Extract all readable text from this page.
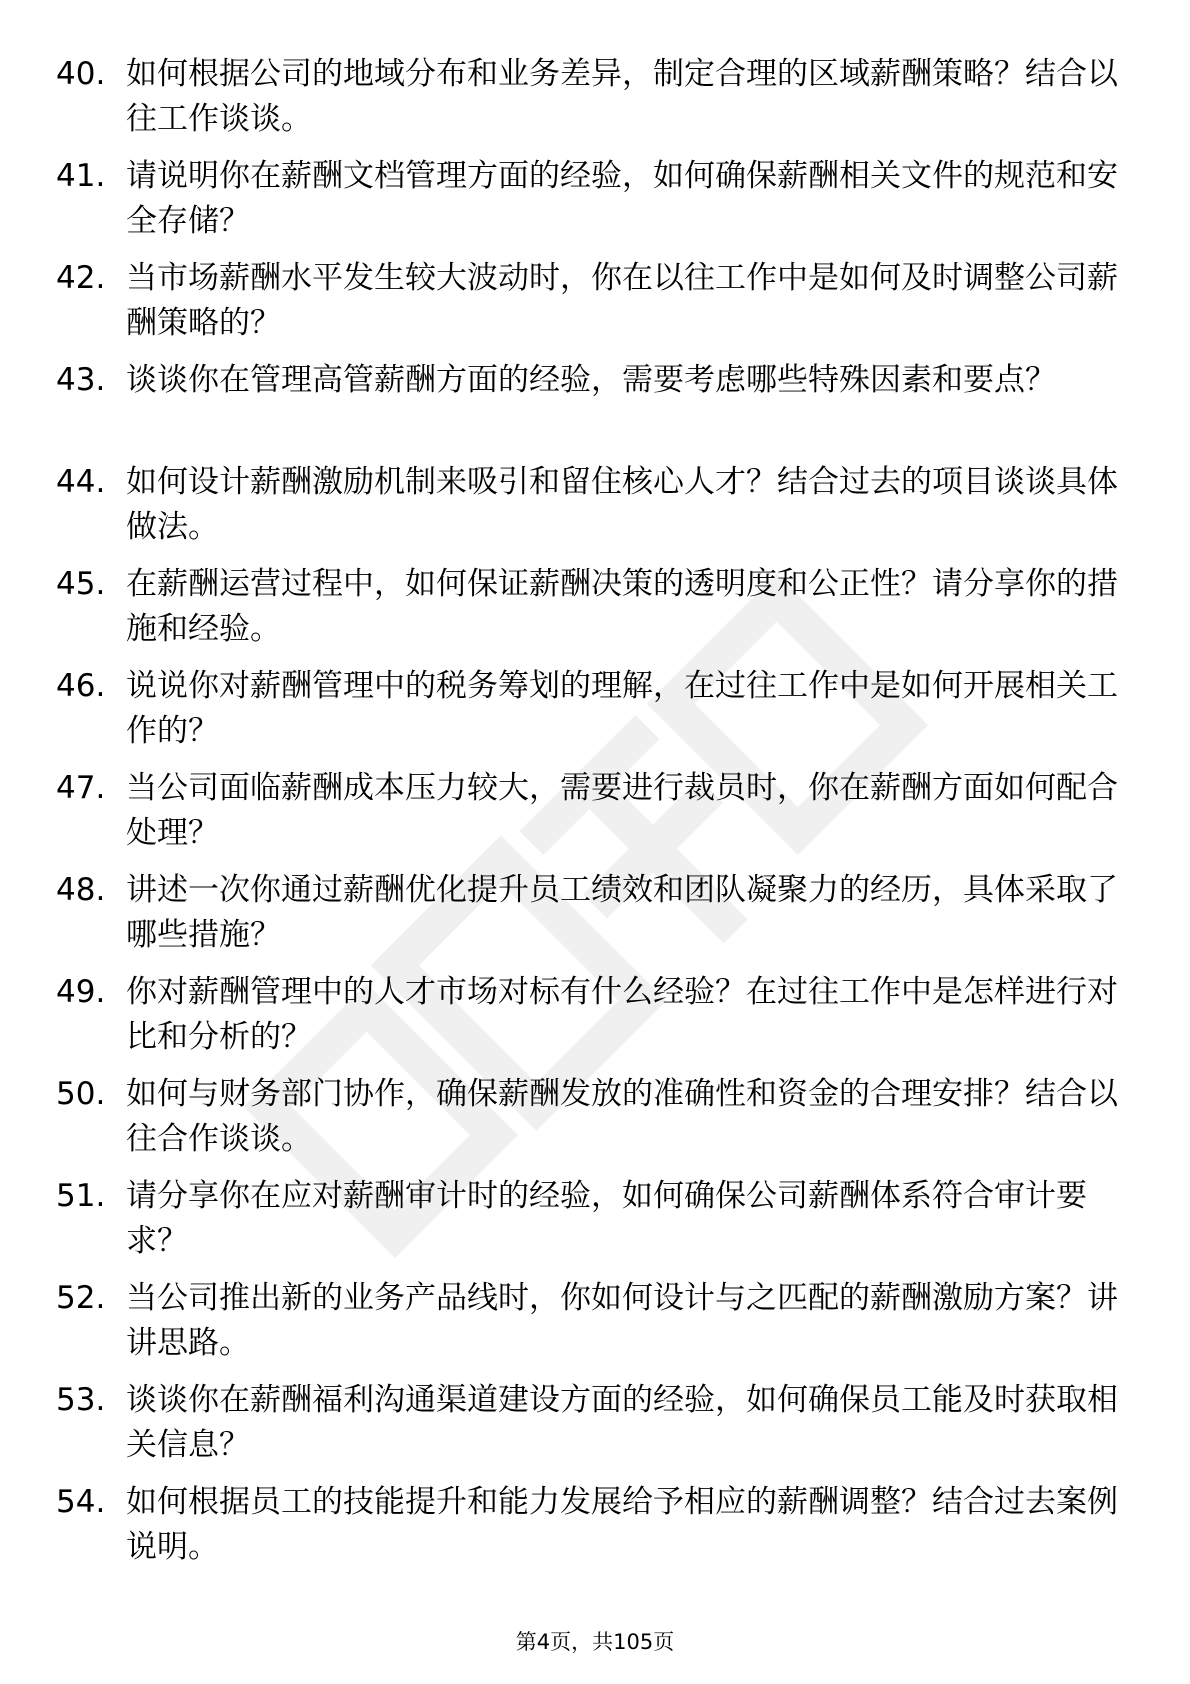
40. 如何根据公司的地域分布和业务差异，制定合理的区域薪酬策略？结合以往工作谈谈。
41. 请说明你在薪酬文档管理方面的经验，如何确保薪酬相关文件的规范和安全存储？
42. 当市场薪酬水平发生较大波动时，你在以往工作中是如何及时调整公司薪酬策略的？
43. 谈谈你在管理高管薪酬方面的经验，需要考虑哪些特殊因素和要点？
44. 如何设计薪酬激励机制来吸引和留住核心人才？结合过去的项目谈谈具体做法。
45. 在薪酬运营过程中，如何保证薪酬决策的透明度和公正性？请分享你的措施和经验。
46. 说说你对薪酬管理中的税务筹划的理解，在过往工作中是如何开展相关工作的？
47. 当公司面临薪酬成本压力较大，需要进行裁员时，你在薪酬方面如何配合处理？
48. 讲述一次你通过薪酬优化提升员工绩效和团队凝聚力的经历，具体采取了哪些措施？
49. 你对薪酬管理中的人才市场对标有什么经验？在过往工作中是怎样进行对比和分析的？
50. 如何与财务部门协作，确保薪酬发放的准确性和资金的合理安排？结合以往合作谈谈。
51. 请分享你在应对薪酬审计时的经验，如何确保公司薪酬体系符合审计要求？
52. 当公司推出新的业务产品线时，你如何设计与之匹配的薪酬激励方案？讲讲思路。
53. 谈谈你在薪酬福利沟通渠道建设方面的经验，如何确保员工能及时获取相关信息？
54. 如何根据员工的技能提升和能力发展给予相应的薪酬调整？结合过去案例说明。
第4页，共105页
